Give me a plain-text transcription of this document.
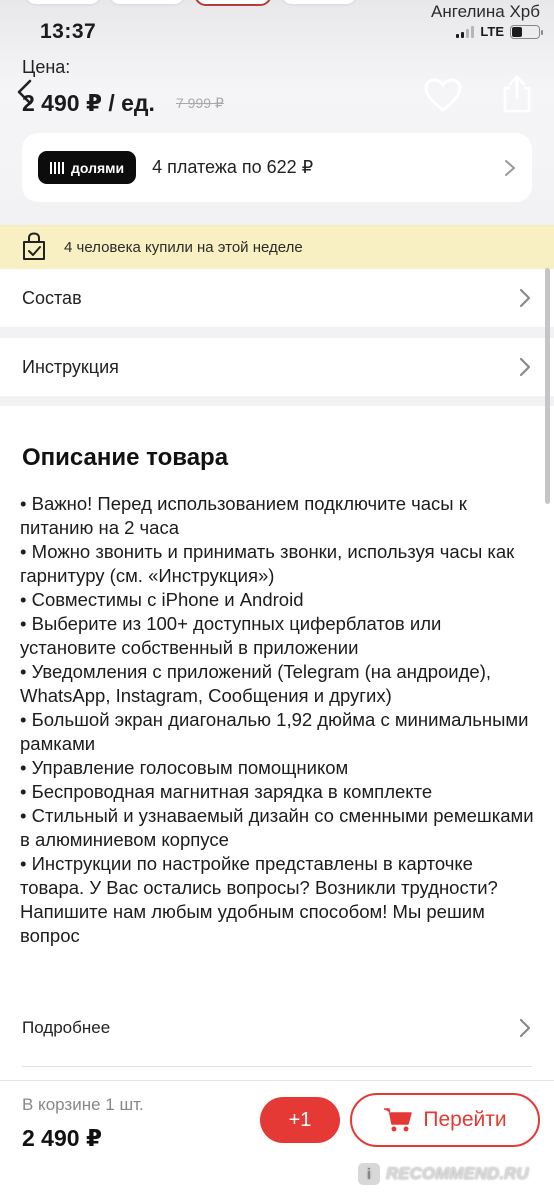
13:37
Ангелина Хрб
LTE
Цена:
2 490 ₽ / ед. 7 999 ₽
долями 4 платежа по 622 ₽
4 человека купили на этой неделе
Состав
Инструкция
Описание товара
• Важно! Перед использованием подключите часы к питанию на 2 часа
• Можно звонить и принимать звонки, используя часы как гарнитуру (см. «Инструкция»)
• Совместимы с iPhone и Android
• Выберите из 100+ доступных циферблатов или установите собственный в приложении
• Уведомления с приложений (Telegram (на андроиде), WhatsApp, Instagram, Сообщения и других)
• Большой экран диагональю 1,92 дюйма с минимальными рамками
• Управление голосовым помощником
• Беспроводная магнитная зарядка в комплекте
• Стильный и узнаваемый дизайн со сменными ремешками в алюминиевом корпусе
• Инструкции по настройке представлены в карточке товара. У Вас остались вопросы? Возникли трудности? Напишите нам любым удобным способом! Мы решим вопрос
Подробнее
В корзине 1 шт.
2 490 ₽
+1	Перейти
i RECOMMEND.RU
